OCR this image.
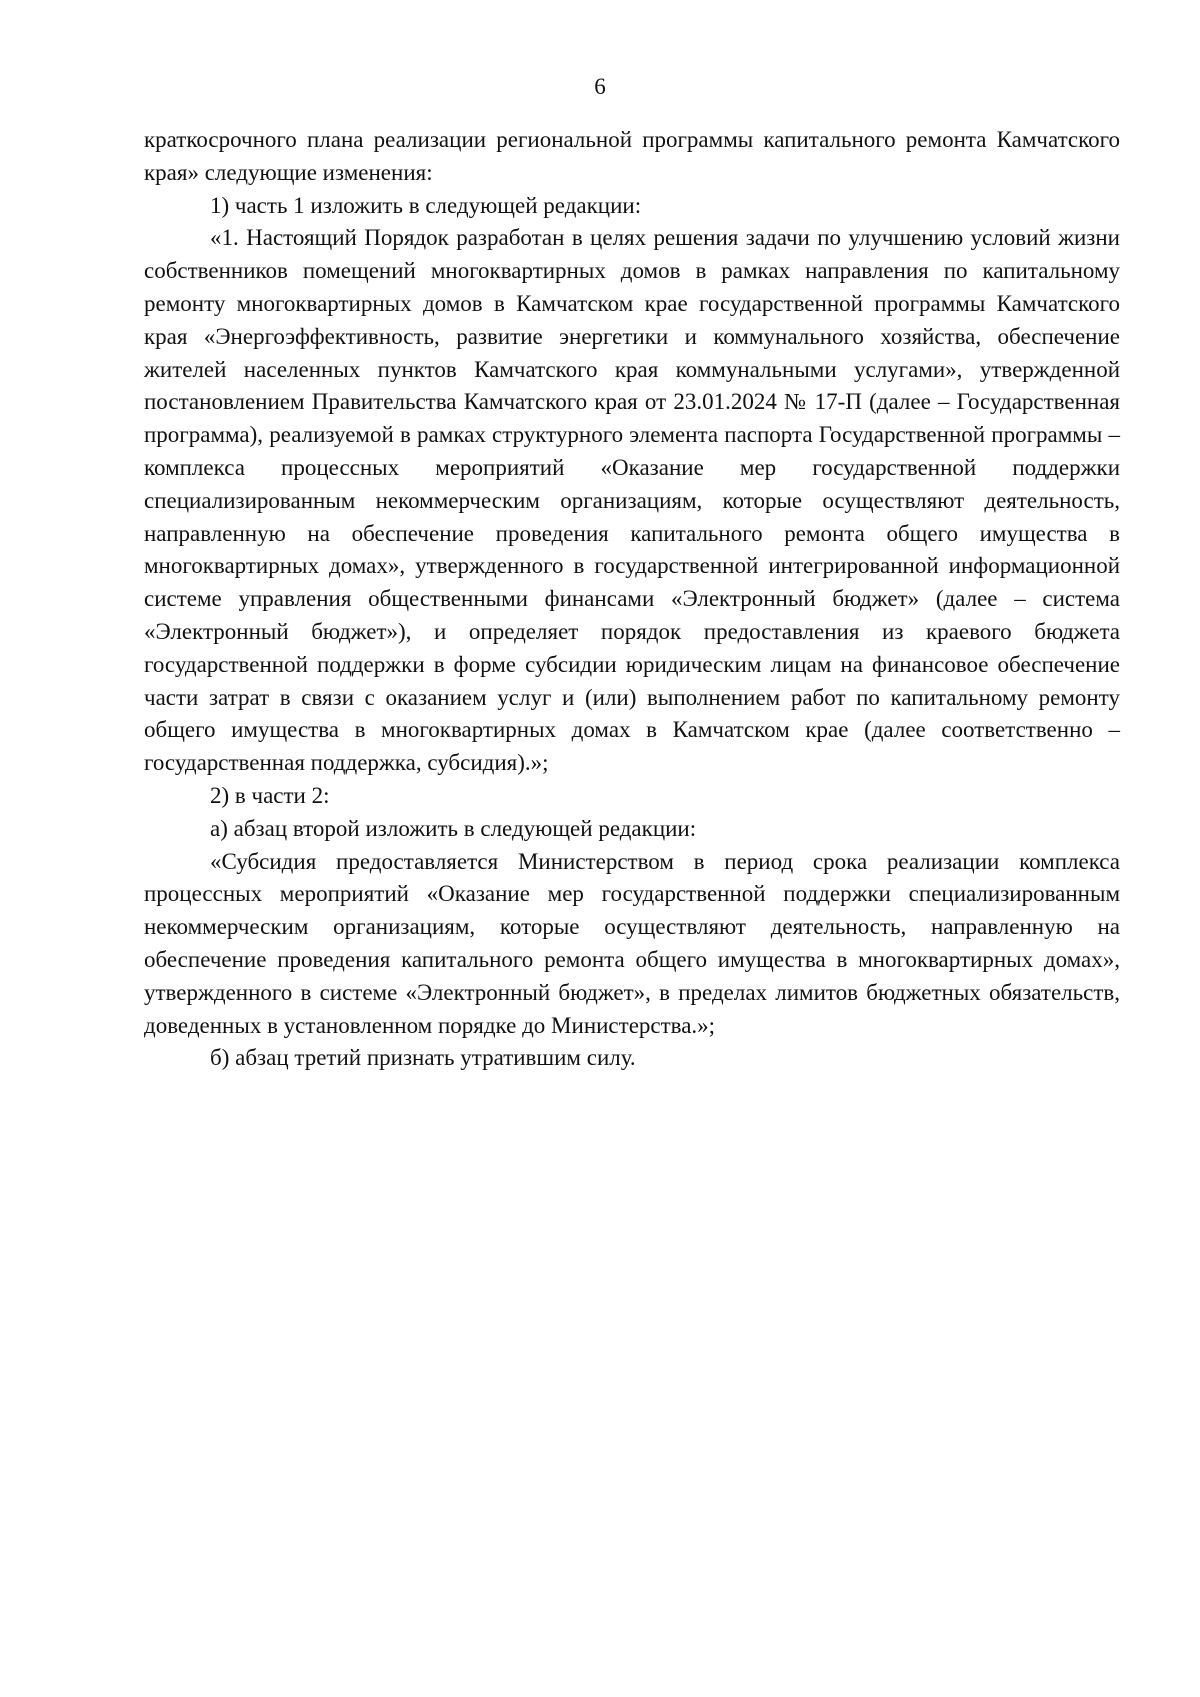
6

краткосрочного плана реализации региональной программы капитального ремонта Камчатского края» следующие изменения:

1) часть 1 изложить в следующей редакции:

«1. Настоящий Порядок разработан в целях решения задачи по улучшению условий жизни собственников помещений многоквартирных домов в рамках направления по капитальному ремонту многоквартирных домов в Камчатском крае государственной программы Камчатского края «Энергоэффективность, развитие энергетики и коммунального хозяйства, обеспечение жителей населенных пунктов Камчатского края коммунальными услугами», утвержденной постановлением Правительства Камчатского края от 23.01.2024 № 17-П (далее – Государственная программа), реализуемой в рамках структурного элемента паспорта Государственной программы – комплекса процессных мероприятий «Оказание мер государственной поддержки специализированным некоммерческим организациям, которые осуществляют деятельность, направленную на обеспечение проведения капитального ремонта общего имущества в многоквартирных домах», утвержденного в государственной интегрированной информационной системе управления общественными финансами «Электронный бюджет» (далее – система «Электронный бюджет»), и определяет порядок предоставления из краевого бюджета государственной поддержки в форме субсидии юридическим лицам на финансовое обеспечение части затрат в связи с оказанием услуг и (или) выполнением работ по капитальному ремонту общего имущества в многоквартирных домах в Камчатском крае (далее соответственно – государственная поддержка, субсидия).»;

2) в части 2:

а) абзац второй изложить в следующей редакции:

«Субсидия предоставляется Министерством в период срока реализации комплекса процессных мероприятий «Оказание мер государственной поддержки специализированным некоммерческим организациям, которые осуществляют деятельность, направленную на обеспечение проведения капитального ремонта общего имущества в многоквартирных домах», утвержденного в системе «Электронный бюджет», в пределах лимитов бюджетных обязательств, доведенных в установленном порядке до Министерства.»;

б) абзац третий признать утратившим силу.
